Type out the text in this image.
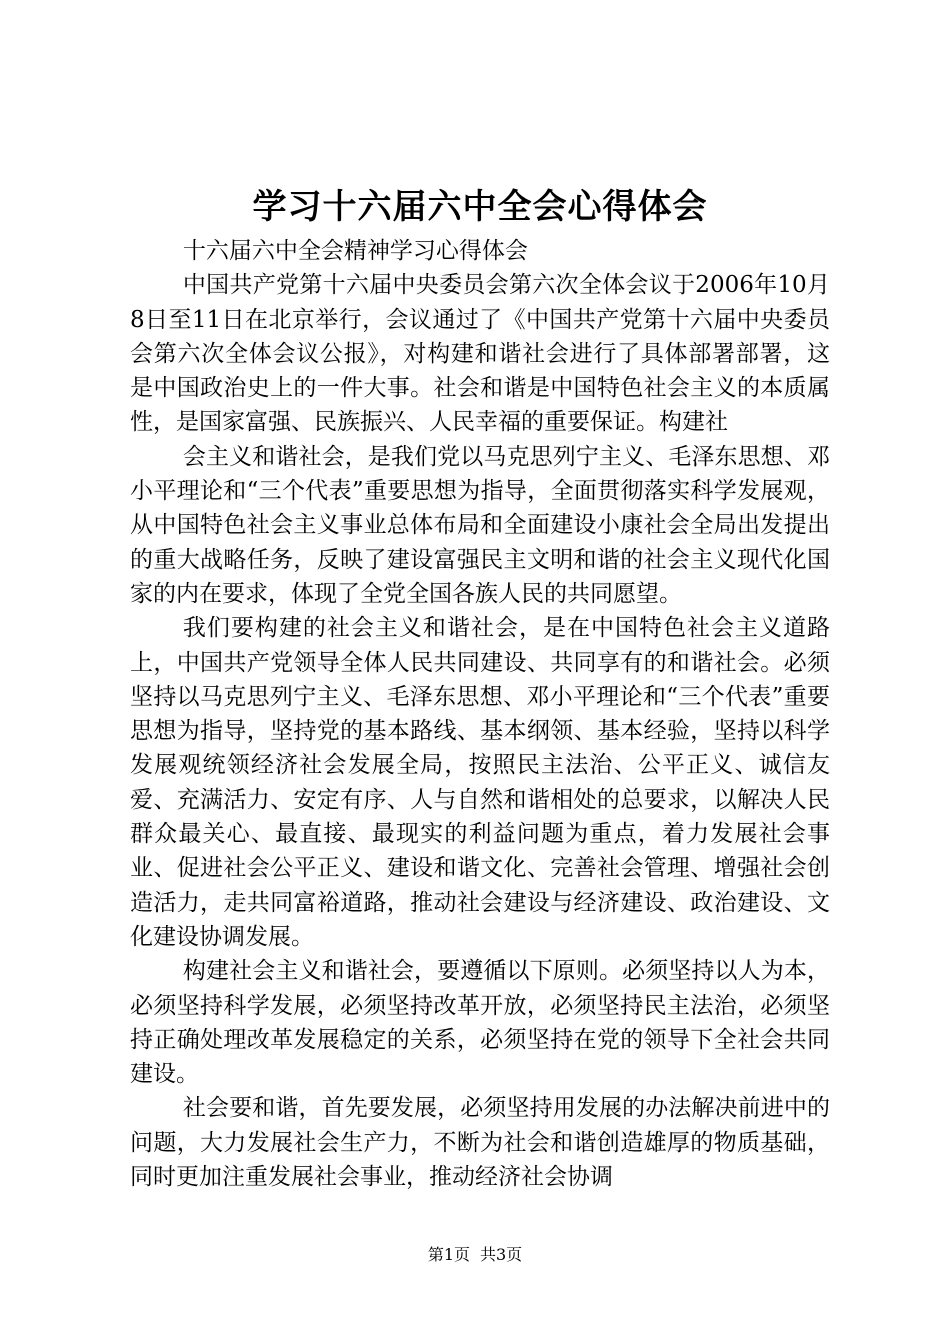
学习十六届六中全会心得体会

十六届六中全会精神学习心得体会

中国共产党第十六届中央委员会第六次全体会议于2006年10月8日至11日在北京举行，会议通过了《中国共产党第十六届中央委员会第六次全体会议公报》，对构建和谐社会进行了具体部署部署，这是中国政治史上的一件大事。社会和谐是中国特色社会主义的本质属性，是国家富强、民族振兴、人民幸福的重要保证。构建社

会主义和谐社会，是我们党以马克思列宁主义、毛泽东思想、邓小平理论和“三个代表”重要思想为指导，全面贯彻落实科学发展观，从中国特色社会主义事业总体布局和全面建设小康社会全局出发提出的重大战略任务，反映了建设富强民主文明和谐的社会主义现代化国家的内在要求，体现了全党全国各族人民的共同愿望。

我们要构建的社会主义和谐社会，是在中国特色社会主义道路上，中国共产党领导全体人民共同建设、共同享有的和谐社会。必须坚持以马克思列宁主义、毛泽东思想、邓小平理论和“三个代表”重要思想为指导，坚持党的基本路线、基本纲领、基本经验，坚持以科学发展观统领经济社会发展全局，按照民主法治、公平正义、诚信友爱、充满活力、安定有序、人与自然和谐相处的总要求，以解决人民群众最关心、最直接、最现实的利益问题为重点，着力发展社会事业、促进社会公平正义、建设和谐文化、完善社会管理、增强社会创造活力，走共同富裕道路，推动社会建设与经济建设、政治建设、文化建设协调发展。

构建社会主义和谐社会，要遵循以下原则。必须坚持以人为本，必须坚持科学发展，必须坚持改革开放，必须坚持民主法治，必须坚持正确处理改革发展稳定的关系，必须坚持在党的领导下全社会共同建设。

社会要和谐，首先要发展，必须坚持用发展的办法解决前进中的问题，大力发展社会生产力，不断为社会和谐创造雄厚的物质基础，同时更加注重发展社会事业，推动经济社会协调

第1页 共3页
